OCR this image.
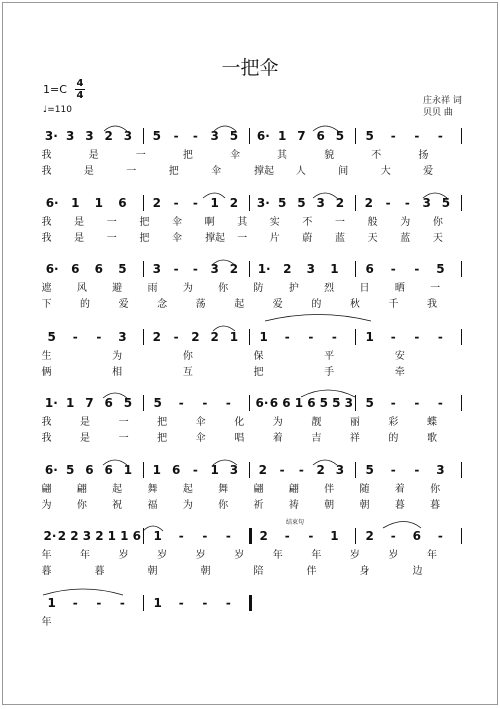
一把伞
1=C 4
4
♩=110
庄永祥 词
贝贝 曲
3· 3 3 2 3 5 - - 3 5 6· 1 7 6 5 5 - - -
我	是	一	把	伞	其	貌	不	扬
我	是	一	把	伞	撑起 人	间	大	爱
6· 1 1 6 2 - - 1 2 3· 5 5 3 2 2 - - 3 5
我 是 一 把 伞 啊 其 实 不 一 般 为 你
我 是 一 把 伞 撑起 一 片 蔚 蓝 天 蓝 天
6· 6 6 5 3 - - 3 2 1· 2 3 1 6 - - 5
遮	风	避	雨	为	你	防	护	烈	日	晒	一
下	的	爱	念	荡	起	爱	的	秋	千	我
5 - - 3 2 - 2 2 1 1 - - - 1 - - -
生	为	你	保	平	安
俩	相	互	把	手	牵
1· 1 7 6 5 5 - - - 6· 6 6 1 6 5 5 3 5 - - -
我	是	一	把	伞	化	为	靓	丽	彩	蝶
我	是	一	把	伞	唱	着	吉	祥	的	歌
6· 5 6 6 1 1 6 - 1 3 2 - - 2 3 5 - - 3
翩	翩	起	舞	起	舞	翩	翩	伴	随	着	你
为	你	祝	福	为	你	祈	祷	朝	朝	暮	暮
2· 2 2 3 2 1 1 6 1 - - - 2 - - 1 2 - 6 -
年	年	岁	岁	岁	岁	年	年	岁	岁	年
暮	暮	朝	朝	陪	伴	身	边
1 - - - 1 - - -
年
结束句
